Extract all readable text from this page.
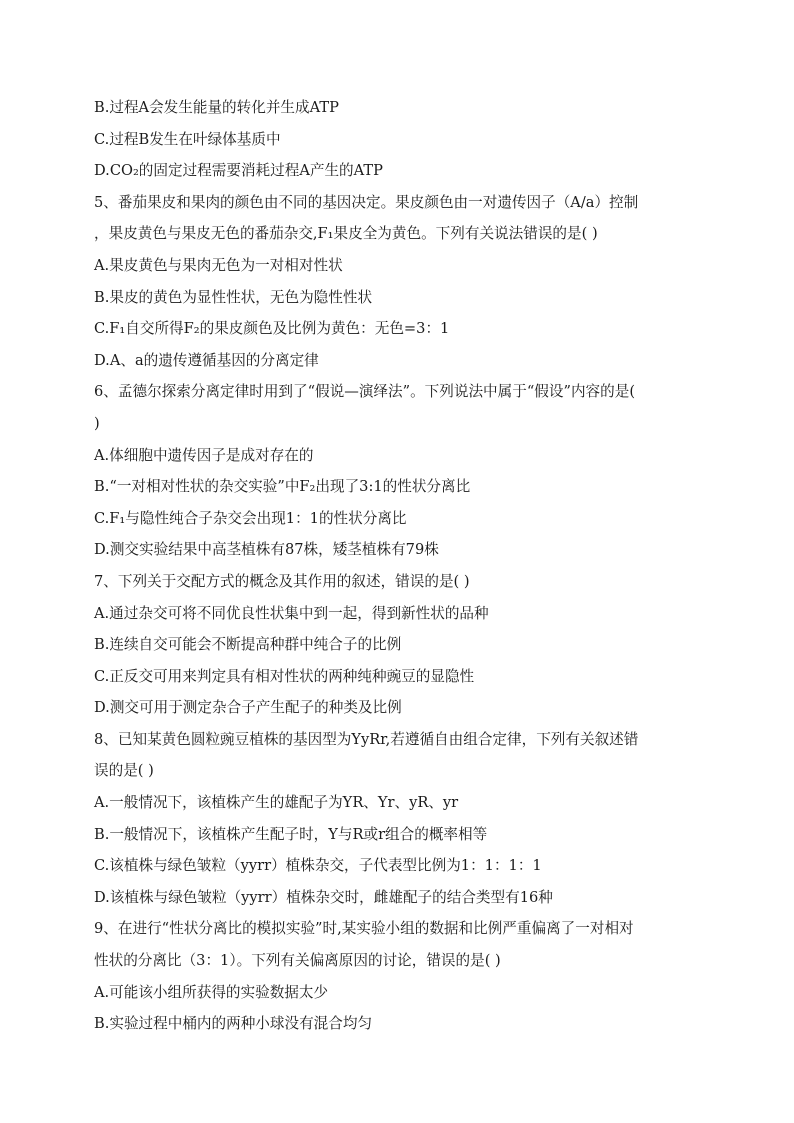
B.过程A会发生能量的转化并生成ATP
C.过程B发生在叶绿体基质中
D.CO₂的固定过程需要消耗过程A产生的ATP
5、番茄果皮和果肉的颜色由不同的基因决定。果皮颜色由一对遗传因子（A/a）控制
，果皮黄色与果皮无色的番茄杂交,F₁果皮全为黄色。下列有关说法错误的是( )
A.果皮黄色与果肉无色为一对相对性状
B.果皮的黄色为显性性状，无色为隐性性状
C.F₁自交所得F₂的果皮颜色及比例为黄色：无色=3：1
D.A、a的遗传遵循基因的分离定律
6、孟德尔探索分离定律时用到了“假说—演绎法”。下列说法中属于“假设”内容的是(
)
A.体细胞中遗传因子是成对存在的
B.“一对相对性状的杂交实验”中F₂出现了3:1的性状分离比
C.F₁与隐性纯合子杂交会出现1：1的性状分离比
D.测交实验结果中高茎植株有87株，矮茎植株有79株
7、下列关于交配方式的概念及其作用的叙述，错误的是( )
A.通过杂交可将不同优良性状集中到一起，得到新性状的品种
B.连续自交可能会不断提高种群中纯合子的比例
C.正反交可用来判定具有相对性状的两种纯种豌豆的显隐性
D.测交可用于测定杂合子产生配子的种类及比例
8、已知某黄色圆粒豌豆植株的基因型为YyRr,若遵循自由组合定律，下列有关叙述错
误的是( )
A.一般情况下，该植株产生的雄配子为YR、Yr、yR、yr
B.一般情况下，该植株产生配子时，Y与R或r组合的概率相等
C.该植株与绿色皱粒（yyrr）植株杂交，子代表型比例为1：1：1：1
D.该植株与绿色皱粒（yyrr）植株杂交时，雌雄配子的结合类型有16种
9、在进行“性状分离比的模拟实验”时,某实验小组的数据和比例严重偏离了一对相对
性状的分离比（3：1）。下列有关偏离原因的讨论，错误的是( )
A.可能该小组所获得的实验数据太少
B.实验过程中桶内的两种小球没有混合均匀
